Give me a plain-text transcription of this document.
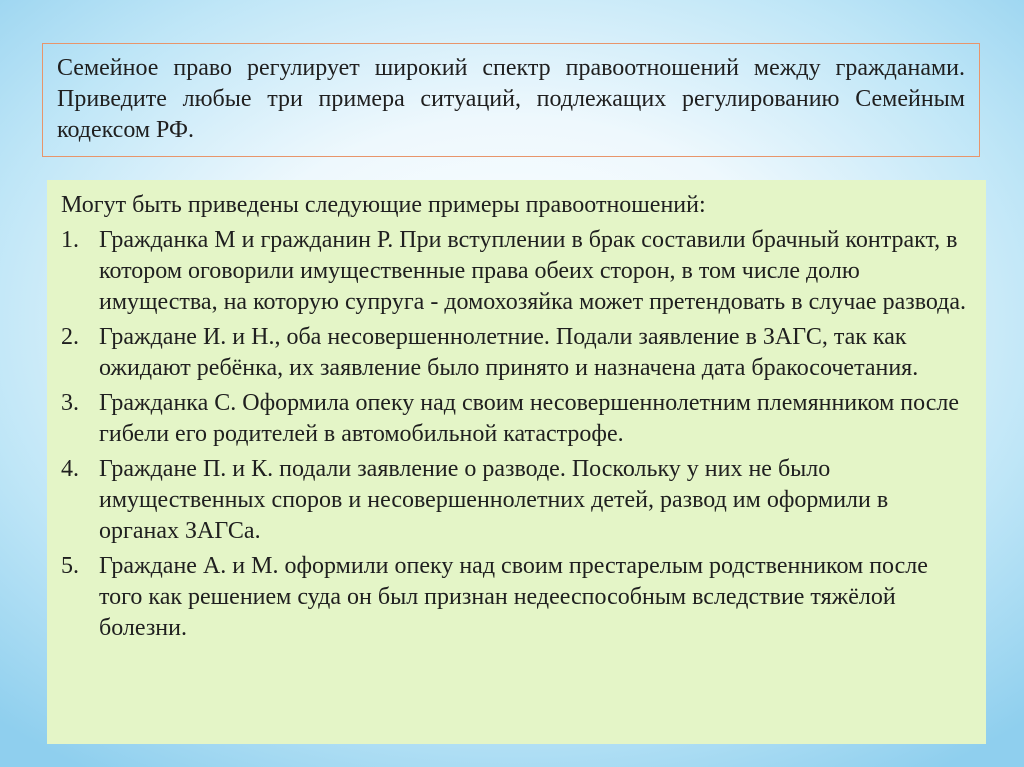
Семейное право регулирует широкий спектр правоотношений между гражданами. Приведите любые три примера ситуаций, подлежащих регулированию Семейным кодексом РФ.

Могут быть приведены следующие примеры правоотношений:

1. Гражданка М и гражданин Р. При вступлении в брак составили брачный контракт, в котором оговорили имущественные права обеих сторон, в том числе долю имущества, на которую супруга - домохозяйка может претендовать в случае развода.
2. Граждане И. и Н., оба несовершеннолетние. Подали заявление в ЗАГС, так как ожидают ребёнка, их заявление было принято и назначена дата бракосочетания.
3. Гражданка С. Оформила опеку над своим несовершеннолетним племянником после гибели его родителей в автомобильной катастрофе.
4. Граждане П. и К. подали заявление о разводе. Поскольку у них не было имущественных споров и несовершеннолетних детей, развод им оформили в органах ЗАГСа.
5. Граждане А. и М. оформили опеку над своим престарелым родственником после того как решением суда он был признан недееспособным вследствие тяжёлой болезни.
